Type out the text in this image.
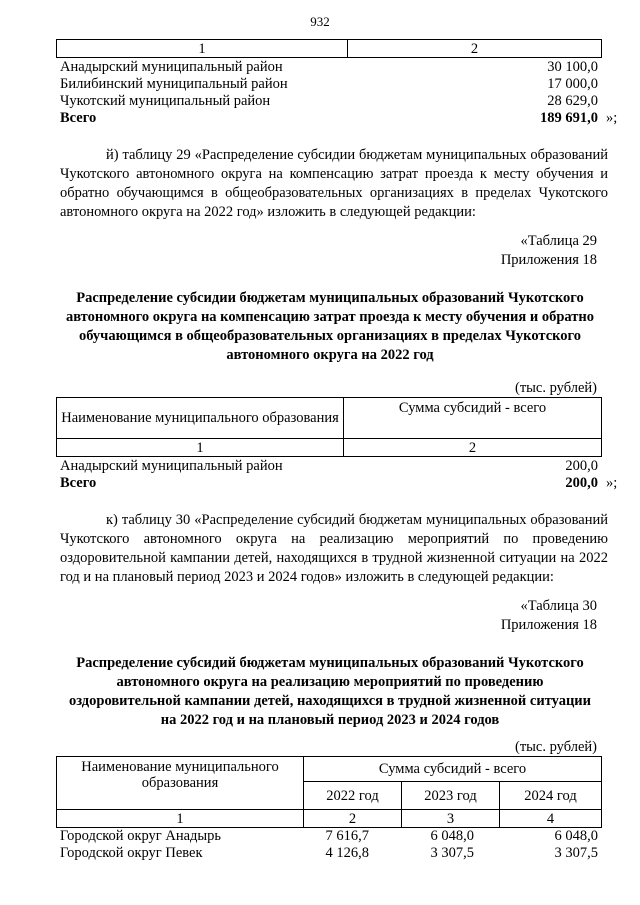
932
1	2
Анадырский муниципальный район	30 100,0
Билибинский муниципальный район	17 000,0
Чукотский муниципальный район	28 629,0
Всего	189 691,0 »;
й) таблицу 29 «Распределение субсидии бюджетам муниципальных образований Чукотского автономного округа на компенсацию затрат проезда к месту обучения и обратно обучающимся в общеобразовательных организациях в пределах Чукотского автономного округа на 2022 год» изложить в следующей редакции:
«Таблица 29
Приложения 18
Распределение субсидии бюджетам муниципальных образований Чукотского автономного округа на компенсацию затрат проезда к месту обучения и обратно обучающимся в общеобразовательных организациях в пределах Чукотского автономного округа на 2022 год
(тыс. рублей)
Наименование муниципального образования	Сумма субсидий - всего
1	2
Анадырский муниципальный район	200,0
Всего	200,0 »;
к) таблицу 30 «Распределение субсидий бюджетам муниципальных образований Чукотского автономного округа на реализацию мероприятий по проведению оздоровительной кампании детей, находящихся в трудной жизненной ситуации на 2022 год и на плановый период 2023 и 2024 годов» изложить в следующей редакции:
«Таблица 30
Приложения 18
Распределение субсидий бюджетам муниципальных образований Чукотского автономного округа на реализацию мероприятий по проведению оздоровительной кампании детей, находящихся в трудной жизненной ситуации на 2022 год и на плановый период 2023 и 2024 годов
(тыс. рублей)
Наименование муниципального образования	Сумма субсидий - всего		
	2022 год	2023 год	2024 год
1	2	3	4
Городской округ Анадырь	7 616,7	6 048,0	6 048,0
Городской округ Певек	4 126,8	3 307,5	3 307,5
